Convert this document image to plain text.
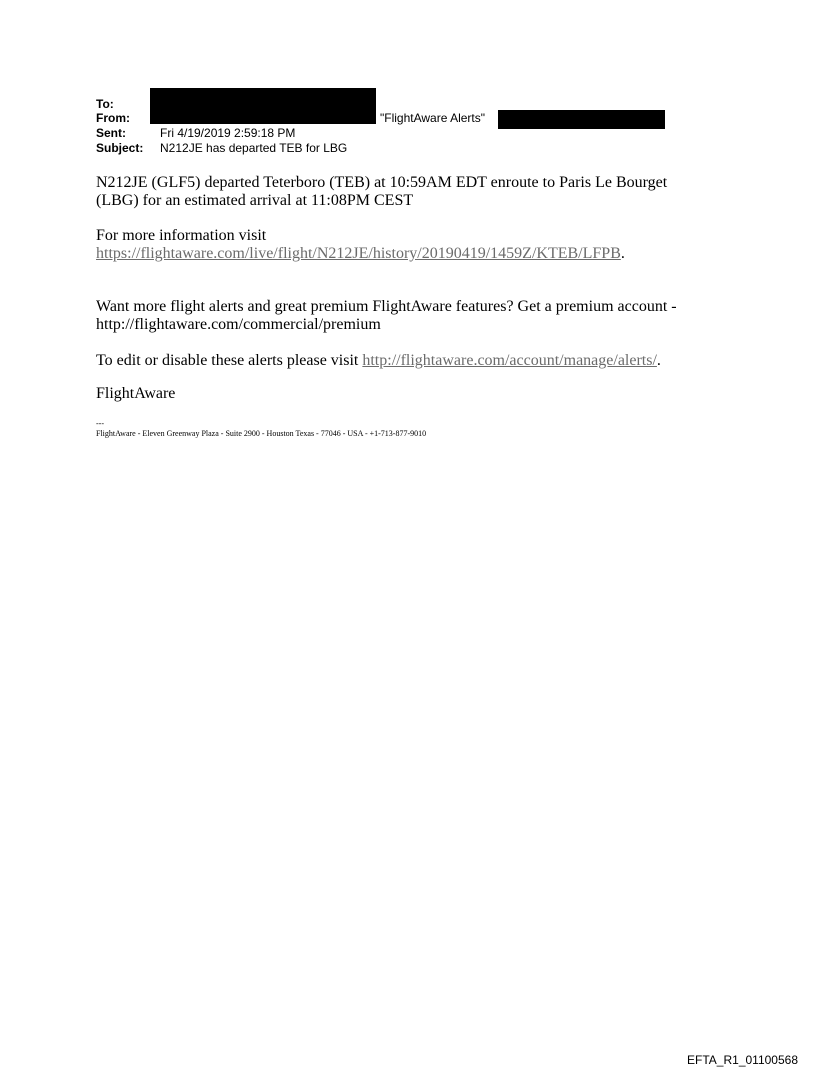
To:
From:	"FlightAware Alerts"
Sent:	Fri 4/19/2019 2:59:18 PM
Subject: N212JE has departed TEB for LBG

N212JE (GLF5) departed Teterboro (TEB) at 10:59AM EDT enroute to Paris Le Bourget
(LBG) for an estimated arrival at 11:08PM CEST

For more information visit
https://flightaware.com/live/flight/N212JE/history/20190419/1459Z/KTEB/LFPB.

Want more flight alerts and great premium FlightAware features? Get a premium account -
http://flightaware.com/commercial/premium

To edit or disable these alerts please visit http://flightaware.com/account/manage/alerts/.

FlightAware

---
FlightAware - Eleven Greenway Plaza - Suite 2900 - Houston Texas - 77046 - USA - +1-713-877-9010
EFTA_R1_01100568
